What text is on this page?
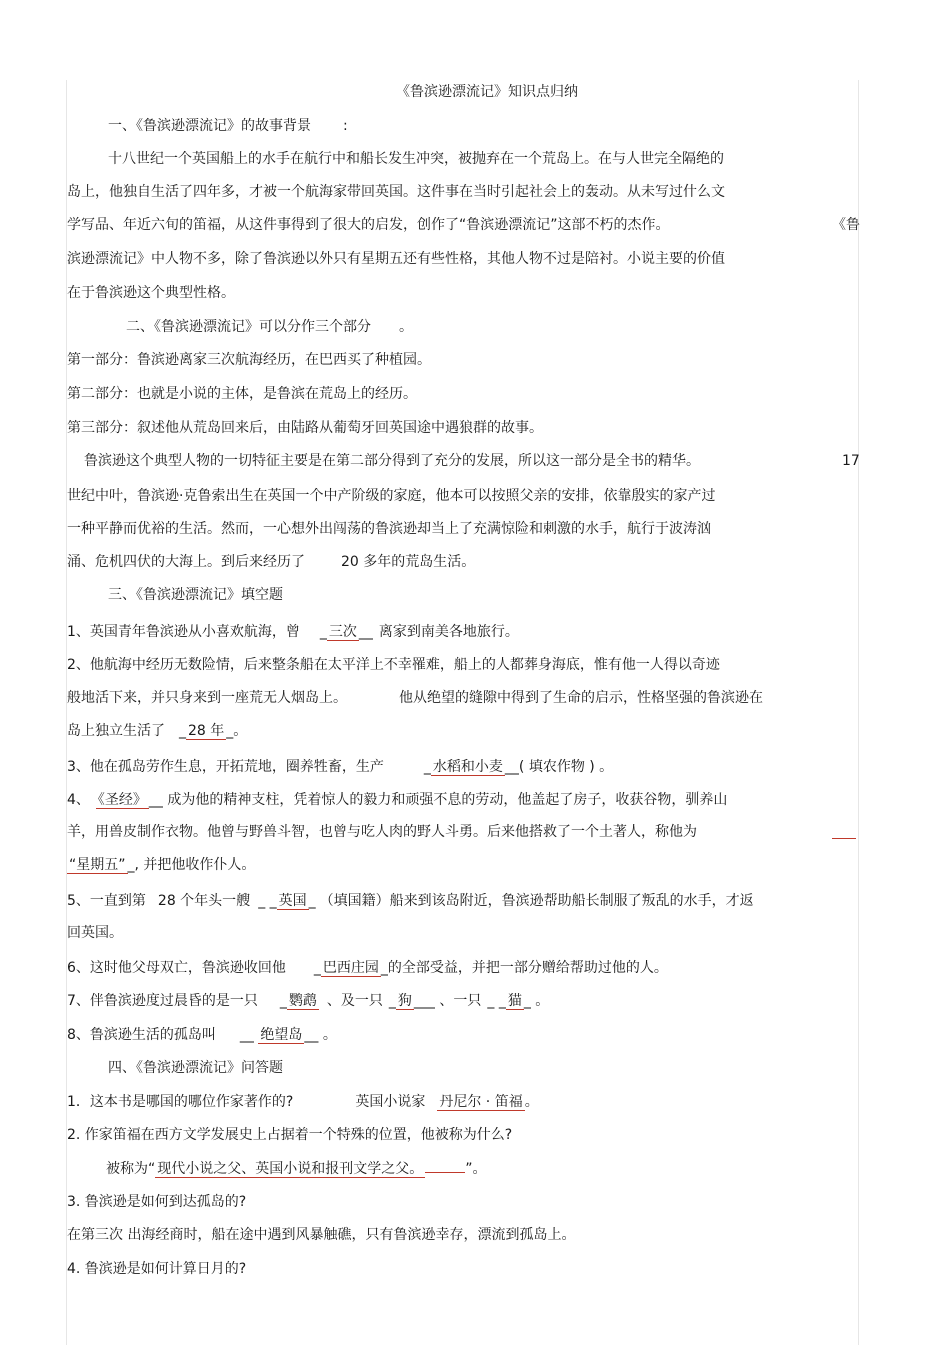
《鲁滨逊漂流记》知识点归纳
一、《鲁滨逊漂流记》的故事背景 :
十八世纪一个英国船上的水手在航行中和船长发生冲突，被抛弃在一个荒岛上。在与人世完全隔绝的
岛上，他独自生活了四年多，才被一个航海家带回英国。这件事在当时引起社会上的轰动。从未写过什么文
学写品、年近六旬的笛福，从这件事得到了很大的启发，创作了“鲁滨逊漂流记”这部不朽的杰作。	《鲁
滨逊漂流记》中人物不多，除了鲁滨逊以外只有星期五还有些性格，其他人物不过是陪衬。小说主要的价值
在于鲁滨逊这个典型性格。
二、《鲁滨逊漂流记》可以分作三个部分 。
第一部分：鲁滨逊离家三次航海经历，在巴西买了种植园。
第二部分：也就是小说的主体，是鲁滨在荒岛上的经历。
第三部分：叙述他从荒岛回来后，由陆路从葡萄牙回英国途中遇狼群的故事。
鲁滨逊这个典型人物的一切特征主要是在第二部分得到了充分的发展，所以这一部分是全书的精华。	17
世纪中叶，鲁滨逊·克鲁索出生在英国一个中产阶级的家庭，他本可以按照父亲的安排，依靠殷实的家产过
一种平静而优裕的生活。然而，一心想外出闯荡的鲁滨逊却当上了充满惊险和刺激的水手，航行于波涛汹
涌、危机四伏的大海上。到后来经历了	20 多年的荒岛生活。
三、《鲁滨逊漂流记》填空题
1、英国青年鲁滨逊从小喜欢航海，曾 _ 三次 __ 离家到南美各地旅行。
2、他航海中经历无数险情，后来整条船在太平洋上不幸罹难，船上的人都葬身海底，惟有他一人得以奇迹
般地活下来，并只身来到一座荒无人烟岛上。	他从绝望的缝隙中得到了生命的启示，性格坚强的鲁滨逊在
岛上独立生活了 _ 28 年 _。
3、他在孤岛劳作生息，开拓荒地，圈养牲畜，生产	_ 水稻和小麦 __( 填农作物 ) 。
4、 《圣经》 __ 成为他的精神支柱，凭着惊人的毅力和顽强不息的劳动，他盖起了房子，收获谷物，驯养山
羊，用兽皮制作衣物。他曾与野兽斗智，也曾与吃人肉的野人斗勇。后来他搭救了一个土著人，称他为
“星期五” _, 并把他收作仆人。
5、一直到第 28 个年头一艘 _ _ 英国 _ （填国籍）船来到该岛附近，鲁滨逊帮助船长制服了叛乱的水手，才返
回英国。
6、这时他父母双亡，鲁滨逊收回他 _ 巴西庄园 _的全部受益，并把一部分赠给帮助过他的人。
7、伴鲁滨逊度过晨昏的是一只 _ 鹦鹉 、及一只 _ 狗 ___ 、一只 _ _ 猫 _ 。
8、鲁滨逊生活的孤岛叫 __ 绝望岛 __ 。
四、《鲁滨逊漂流记》问答题
1．这本书是哪国的哪位作家著作的?	英国小说家 丹尼尔 · 笛福 。
2. 作家笛福在西方文学发展史上占据着一个特殊的位置，他被称为什么?
被称为“ 现代小说之父、英国小说和报刊文学之父。	”。
3. 鲁滨逊是如何到达孤岛的?
在第三次 出海经商时，船在途中遇到风暴触礁，只有鲁滨逊幸存，漂流到孤岛上。
4. 鲁滨逊是如何计算日月的?
